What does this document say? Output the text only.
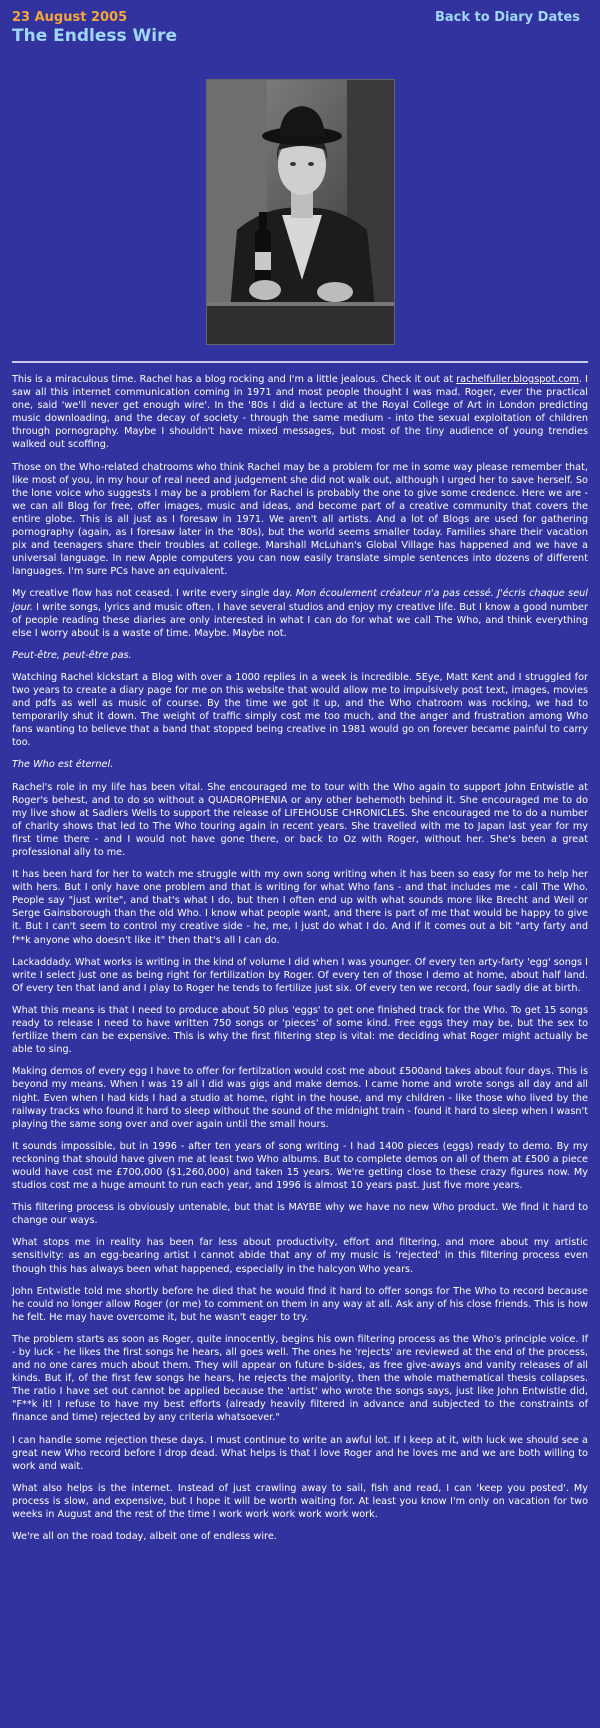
23 August 2005
The Endless Wire
Back to Diary Dates

This is a miraculous time. Rachel has a blog rocking and I'm a little jealous. Check it out at rachelfuller.blogspot.com. I saw all this internet communication coming in 1971 and most people thought I was mad. Roger, ever the practical one, said 'we'll never get enough wire'. In the '80s I did a lecture at the Royal College of Art in London predicting music downloading, and the decay of society - through the same medium - into the sexual exploitation of children through pornography. Maybe I shouldn't have mixed messages, but most of the tiny audience of young trendies walked out scoffing.

Those on the Who-related chatrooms who think Rachel may be a problem for me in some way please remember that, like most of you, in my hour of real need and judgement she did not walk out, although I urged her to save herself. So the lone voice who suggests I may be a problem for Rachel is probably the one to give some credence. Here we are - we can all Blog for free, offer images, music and ideas, and become part of a creative community that covers the entire globe. This is all just as I foresaw in 1971. We aren't all artists. And a lot of Blogs are used for gathering pornography (again, as I foresaw later in the '80s), but the world seems smaller today. Families share their vacation pix and teenagers share their troubles at college. Marshall McLuhan's Global Village has happened and we have a universal language. In new Apple computers you can now easily translate simple sentences into dozens of different languages. I'm sure PCs have an equivalent.

My creative flow has not ceased. I write every single day. Mon écoulement créateur n'a pas cessé. J'écris chaque seul jour. I write songs, lyrics and music often. I have several studios and enjoy my creative life. But I know a good number of people reading these diaries are only interested in what I can do for what we call The Who, and think everything else I worry about is a waste of time. Maybe. Maybe not.

Peut-être, peut-être pas.

Watching Rachel kickstart a Blog with over a 1000 replies in a week is incredible. 5Eye, Matt Kent and I struggled for two years to create a diary page for me on this website that would allow me to impulsively post text, images, movies and pdfs as well as music of course. By the time we got it up, and the Who chatroom was rocking, we had to temporarily shut it down. The weight of traffic simply cost me too much, and the anger and frustration among Who fans wanting to believe that a band that stopped being creative in 1981 would go on forever became painful to carry too.

The Who est éternel.

Rachel's role in my life has been vital. She encouraged me to tour with the Who again to support John Entwistle at Roger's behest, and to do so without a QUADROPHENIA or any other behemoth behind it. She encouraged me to do my live show at Sadlers Wells to support the release of LIFEHOUSE CHRONICLES. She encouraged me to do a number of charity shows that led to The Who touring again in recent years. She travelled with me to Japan last year for my first time there - and I would not have gone there, or back to Oz with Roger, without her. She's been a great professional ally to me.

It has been hard for her to watch me struggle with my own song writing when it has been so easy for me to help her with hers. But I only have one problem and that is writing for what Who fans - and that includes me - call The Who. People say "just write", and that's what I do, but then I often end up with what sounds more like Brecht and Weil or Serge Gainsborough than the old Who. I know what people want, and there is part of me that would be happy to give it. But I can't seem to control my creative side - he, me, I just do what I do. And if it comes out a bit "arty farty and f**k anyone who doesn't like it" then that's all I can do.

Lackaddady. What works is writing in the kind of volume I did when I was younger. Of every ten arty-farty 'egg' songs I write I select just one as being right for fertilization by Roger. Of every ten of those I demo at home, about half land. Of every ten that land and I play to Roger he tends to fertilize just six. Of every ten we record, four sadly die at birth.

What this means is that I need to produce about 50 plus 'eggs' to get one finished track for the Who. To get 15 songs ready to release I need to have written 750 songs or 'pieces' of some kind. Free eggs they may be, but the sex to fertilize them can be expensive. This is why the first filtering step is vital: me deciding what Roger might actually be able to sing.

Making demos of every egg I have to offer for fertilzation would cost me about £500and takes about four days. This is beyond my means. When I was 19 all I did was gigs and make demos. I came home and wrote songs all day and all night. Even when I had kids I had a studio at home, right in the house, and my children - like those who lived by the railway tracks who found it hard to sleep without the sound of the midnight train - found it hard to sleep when I wasn't playing the same song over and over again until the small hours.

It sounds impossible, but in 1996 - after ten years of song writing - I had 1400 pieces (eggs) ready to demo. By my reckoning that should have given me at least two Who albums. But to complete demos on all of them at £500 a piece would have cost me £700,000 ($1,260,000) and taken 15 years. We're getting close to these crazy figures now. My studios cost me a huge amount to run each year, and 1996 is almost 10 years past. Just five more years.

This filtering process is obviously untenable, but that is MAYBE why we have no new Who product. We find it hard to change our ways.

What stops me in reality has been far less about productivity, effort and filtering, and more about my artistic sensitivity: as an egg-bearing artist I cannot abide that any of my music is 'rejected' in this filtering process even though this has always been what happened, especially in the halcyon Who years.

John Entwistle told me shortly before he died that he would find it hard to offer songs for The Who to record because he could no longer allow Roger (or me) to comment on them in any way at all. Ask any of his close friends. This is how he felt. He may have overcome it, but he wasn't eager to try.

The problem starts as soon as Roger, quite innocently, begins his own filtering process as the Who's principle voice. If - by luck - he likes the first songs he hears, all goes well. The ones he 'rejects' are reviewed at the end of the process, and no one cares much about them. They will appear on future b-sides, as free give-aways and vanity releases of all kinds. But if, of the first few songs he hears, he rejects the majority, then the whole mathematical thesis collapses. The ratio I have set out cannot be applied because the 'artist' who wrote the songs says, just like John Entwistle did, "F**k it! I refuse to have my best efforts (already heavily filtered in advance and subjected to the constraints of finance and time) rejected by any criteria whatsoever."

I can handle some rejection these days. I must continue to write an awful lot. If I keep at it, with luck we should see a great new Who record before I drop dead. What helps is that I love Roger and he loves me and we are both willing to work and wait.

What also helps is the internet. Instead of just crawling away to sail, fish and read, I can 'keep you posted'. My process is slow, and expensive, but I hope it will be worth waiting for. At least you know I'm only on vacation for two weeks in August and the rest of the time I work work work work work work.

We're all on the road today, albeit one of endless wire.
